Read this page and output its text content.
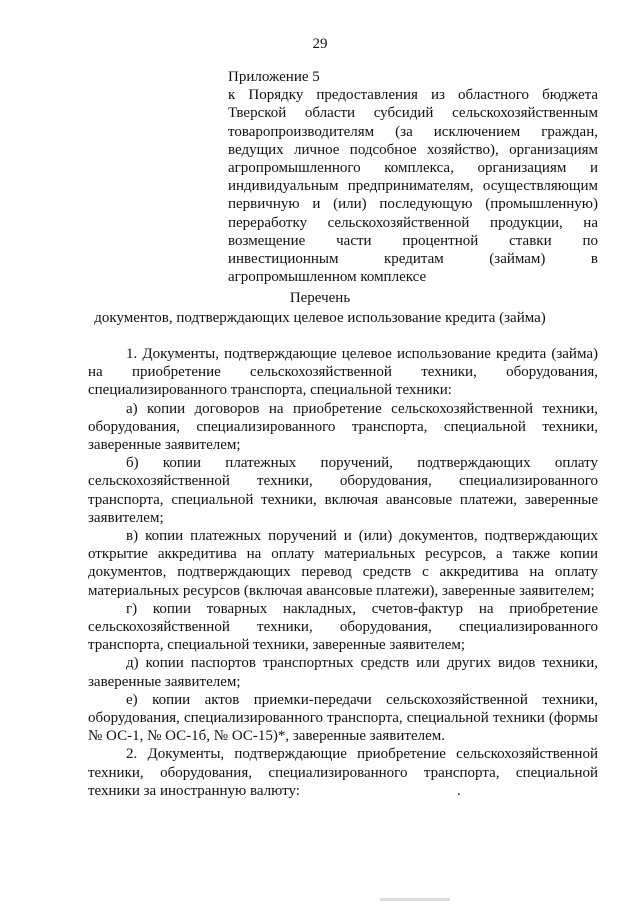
29

Приложение 5

к Порядку предоставления из областного бюджета Тверской области субсидий сельскохозяйственным товаропроизводителям (за исключением граждан, ведущих личное подсобное хозяйство), организациям агропромышленного комплекса, организациям и индивидуальным предпринимателям, осуществляющим первичную и (или) последующую (промышленную) переработку сельскохозяйственной продукции, на возмещение части процентной ставки по инвестиционным кредитам (займам) в агропромышленном комплексе

Перечень
документов, подтверждающих целевое использование кредита (займа)

1. Документы, подтверждающие целевое использование кредита (займа) на приобретение сельскохозяйственной техники, оборудования, специализированного транспорта, специальной техники:

а) копии договоров на приобретение сельскохозяйственной техники, оборудования, специализированного транспорта, специальной техники, заверенные заявителем;

б) копии платежных поручений, подтверждающих оплату сельскохозяйственной техники, оборудования, специализированного транспорта, специальной техники, включая авансовые платежи, заверенные заявителем;

в) копии платежных поручений и (или) документов, подтверждающих открытие аккредитива на оплату материальных ресурсов, а также копии документов, подтверждающих перевод средств с аккредитива на оплату материальных ресурсов (включая авансовые платежи), заверенные заявителем;

г) копии товарных накладных, счетов-фактур на приобретение сельскохозяйственной техники, оборудования, специализированного транспорта, специальной техники, заверенные заявителем;

д) копии паспортов транспортных средств или других видов техники, заверенные заявителем;

е) копии актов приемки-передачи сельскохозяйственной техники, оборудования, специализированного транспорта, специальной техники (формы № ОС-1, № ОС-1б, № ОС-15)*, заверенные заявителем.

2. Документы, подтверждающие приобретение сельскохозяйственной техники, оборудования, специализированного транспорта, специальной техники за иностранную валюту:	.
